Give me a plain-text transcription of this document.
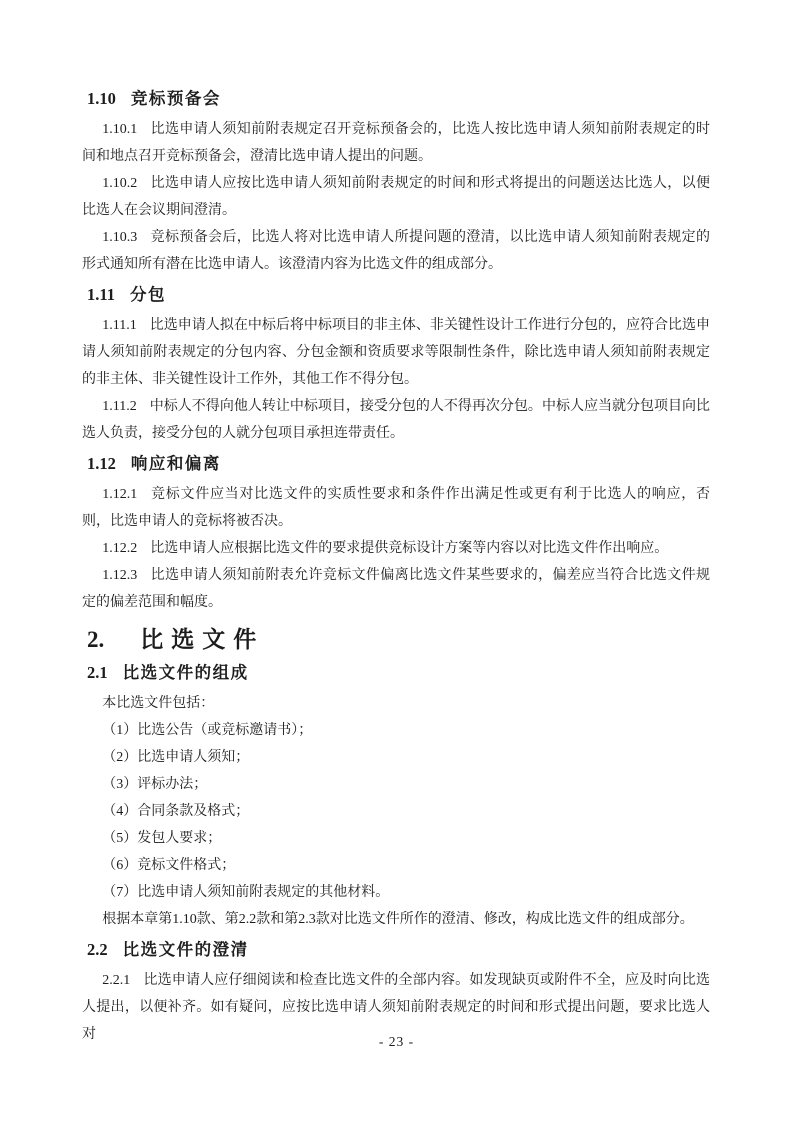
1.10 竞标预备会

1.10.1 比选申请人须知前附表规定召开竞标预备会的，比选人按比选申请人须知前附表规定的时间和地点召开竞标预备会，澄清比选申请人提出的问题。

1.10.2 比选申请人应按比选申请人须知前附表规定的时间和形式将提出的问题送达比选人，以便比选人在会议期间澄清。

1.10.3 竞标预备会后，比选人将对比选申请人所提问题的澄清，以比选申请人须知前附表规定的形式通知所有潜在比选申请人。该澄清内容为比选文件的组成部分。

1.11 分包

1.11.1 比选申请人拟在中标后将中标项目的非主体、非关键性设计工作进行分包的，应符合比选申请人须知前附表规定的分包内容、分包金额和资质要求等限制性条件，除比选申请人须知前附表规定的非主体、非关键性设计工作外，其他工作不得分包。

1.11.2 中标人不得向他人转让中标项目，接受分包的人不得再次分包。中标人应当就分包项目向比选人负责，接受分包的人就分包项目承担连带责任。

1.12 响应和偏离

1.12.1 竞标文件应当对比选文件的实质性要求和条件作出满足性或更有利于比选人的响应，否则，比选申请人的竞标将被否决。

1.12.2 比选申请人应根据比选文件的要求提供竞标设计方案等内容以对比选文件作出响应。

1.12.3 比选申请人须知前附表允许竞标文件偏离比选文件某些要求的，偏差应当符合比选文件规定的偏差范围和幅度。

2. 比选文件
2.1 比选文件的组成

本比选文件包括：

（1）比选公告（或竞标邀请书）；

（2）比选申请人须知；

（3）评标办法；

（4）合同条款及格式；

（5）发包人要求；

（6）竞标文件格式；

（7）比选申请人须知前附表规定的其他材料。

根据本章第1.10款、第2.2款和第2.3款对比选文件所作的澄清、修改，构成比选文件的组成部分。

2.2 比选文件的澄清

2.2.1 比选申请人应仔细阅读和检查比选文件的全部内容。如发现缺页或附件不全，应及时向比选人提出，以便补齐。如有疑问，应按比选申请人须知前附表规定的时间和形式提出问题，要求比选人对	- 23 -
